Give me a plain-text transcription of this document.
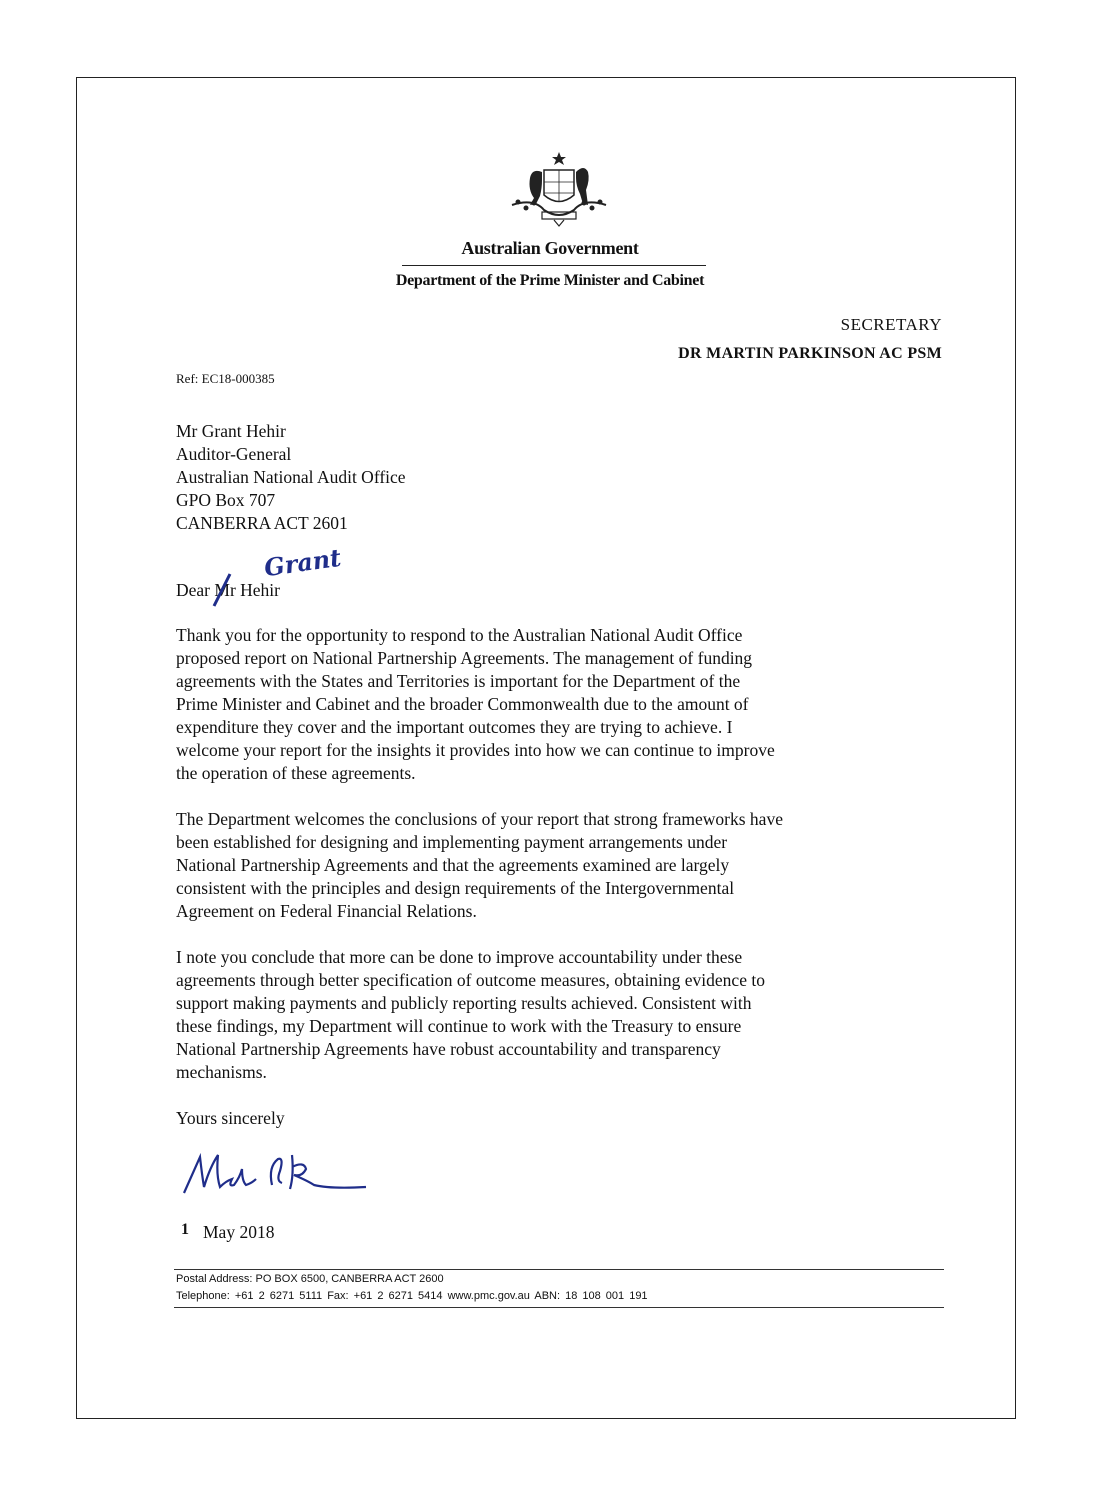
Australian Government
Department of the Prime Minister and Cabinet
SECRETARY
DR MARTIN PARKINSON AC PSM
Ref: EC18-000385
Mr Grant Hehir
Auditor-General
Australian National Audit Office
GPO Box 707
CANBERRA ACT 2601
Grant
Dear Mr
Hehir

Thank you for the opportunity to respond to the Australian National Audit Office
proposed report on National Partnership Agreements. The management of funding
agreements with the States and Territories is important for the Department of the
Prime Minister and Cabinet and the broader Commonwealth due to the amount of
expenditure they cover and the important outcomes they are trying to achieve. I
welcome your report for the insights it provides into how we can continue to improve
the operation of these agreements.

The Department welcomes the conclusions of your report that strong frameworks have
been established for designing and implementing payment arrangements under
National Partnership Agreements and that the agreements examined are largely
consistent with the principles and design requirements of the Intergovernmental
Agreement on Federal Financial Relations.

I note you conclude that more can be done to improve accountability under these
agreements through better specification of outcome measures, obtaining evidence to
support making payments and publicly reporting results achieved. Consistent with
these findings, my Department will continue to work with the Treasury to ensure
National Partnership Agreements have robust accountability and transparency
mechanisms.

Yours sincerely
1 May 2018
Postal Address: PO BOX 6500, CANBERRA ACT 2600
Telephone: +61 2 6271 5111 Fax: +61 2 6271 5414 www.pmc.gov.au ABN: 18 108 001 191
